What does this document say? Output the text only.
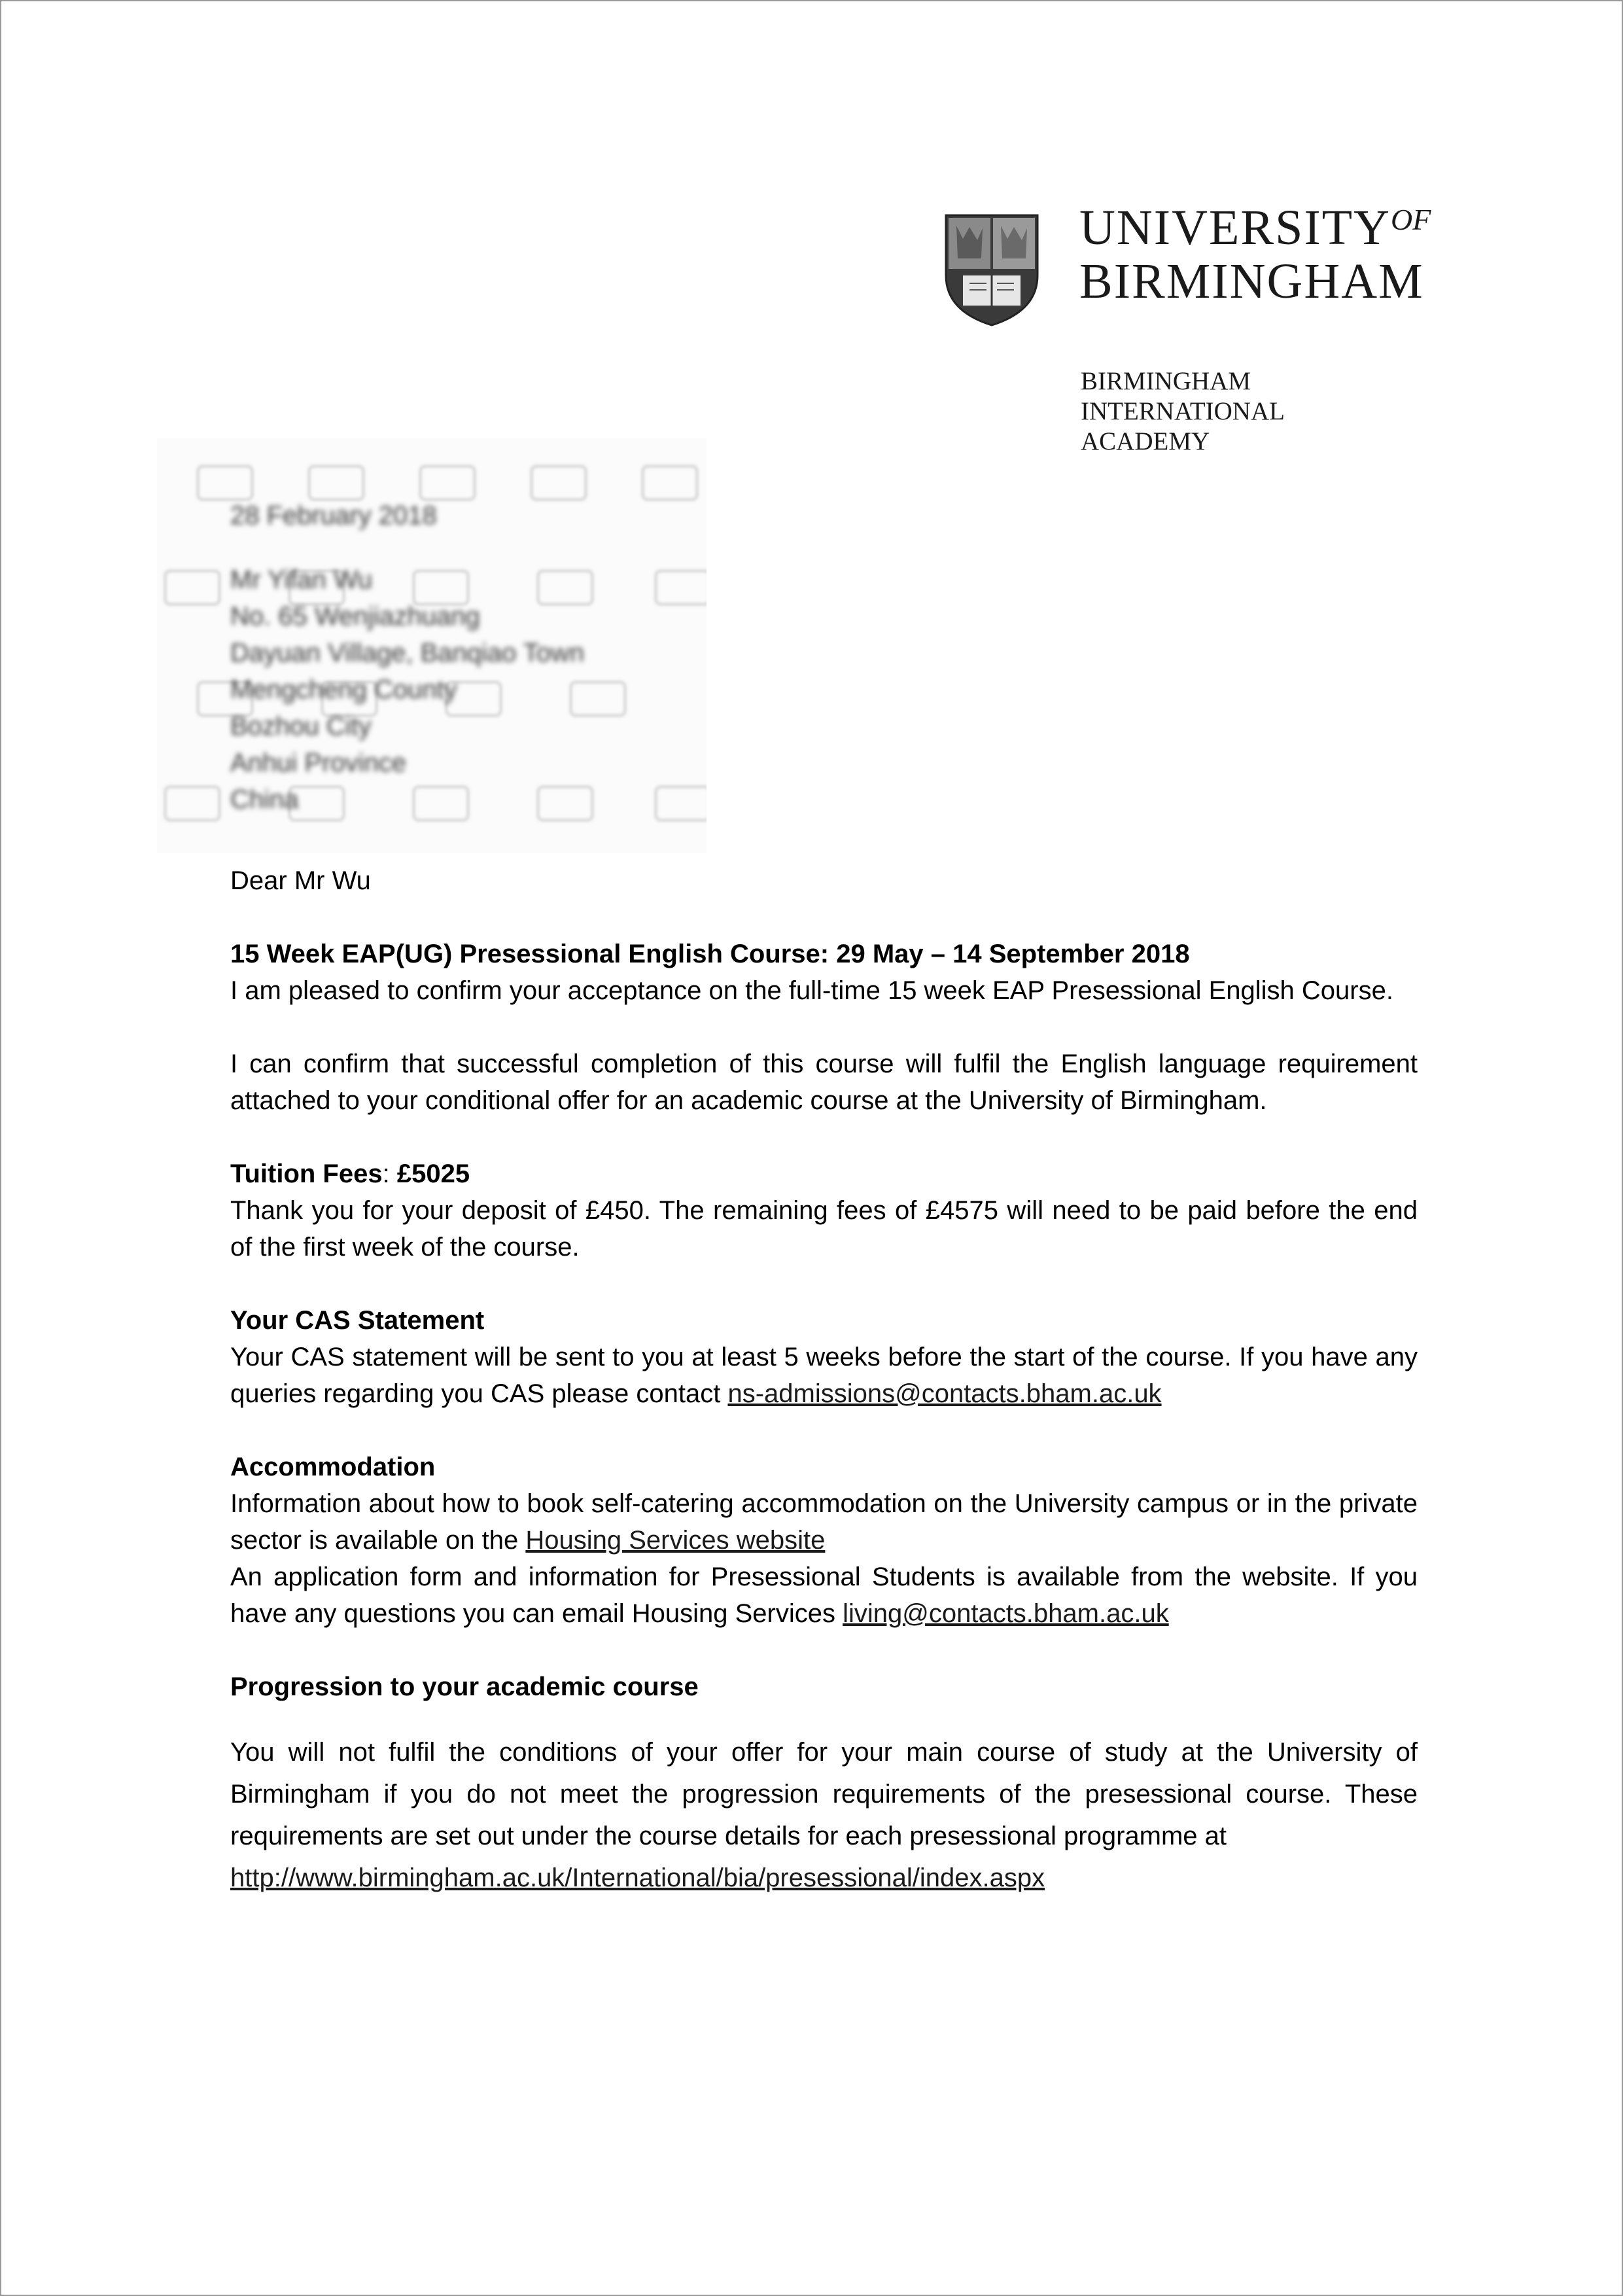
$UNIVERSITY^{OF}$
BIRMINGHAM
BIRMINGHAM
INTERNATIONAL
ACADEMY
28 February 2018
Mr Yifan Wu
No. 65 Wenjiazhuang
Dayuan Village, Banqiao Town
Mengcheng County
Bozhou City
Anhui Province
China

Dear Mr Wu

15 Week EAP(UG) Presessional English Course: 29 May – 14 September 2018

I am pleased to confirm your acceptance on the full-time 15 week EAP Presessional English Course.

I can confirm that successful completion of this course will fulfil the English language requirement attached to your conditional offer for an academic course at the University of Birmingham.

Tuition Fees: £5025

Thank you for your deposit of £450. The remaining fees of £4575 will need to be paid before the end of the first week of the course.

Your CAS Statement

Your CAS statement will be sent to you at least 5 weeks before the start of the course. If you have any queries regarding you CAS please contact ns-admissions@contacts.bham.ac.uk

Accommodation

Information about how to book self-catering accommodation on the University campus or in the private sector is available on the Housing Services website

An application form and information for Presessional Students is available from the website. If you have any questions you can email Housing Services living@contacts.bham.ac.uk

Progression to your academic course

You will not fulfil the conditions of your offer for your main course of study at the University of Birmingham if you do not meet the progression requirements of the presessional course. These requirements are set out under the course details for each presessional programme at

http://www.birmingham.ac.uk/International/bia/presessional/index.aspx
